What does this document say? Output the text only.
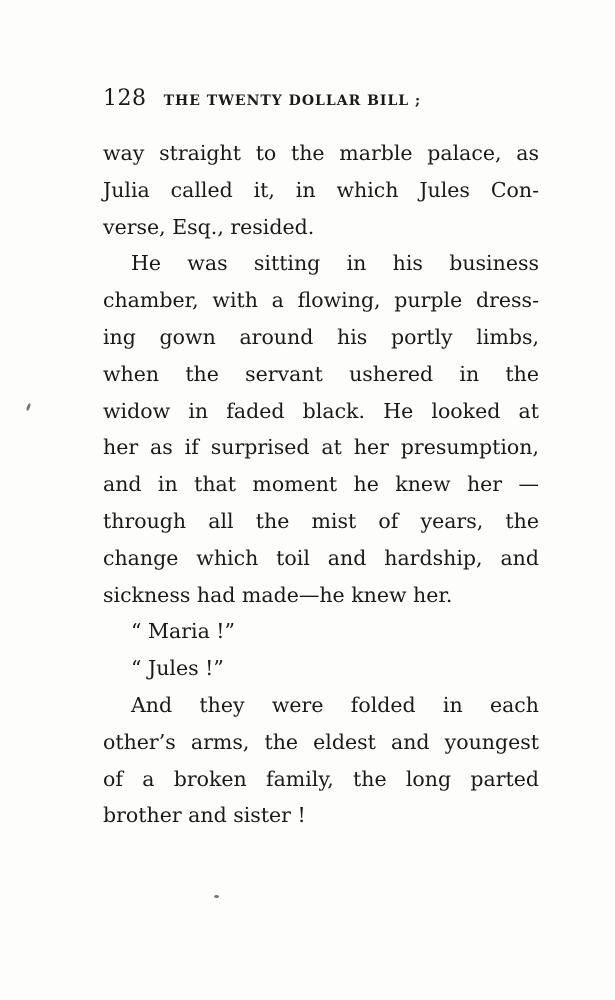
128 THE TWENTY DOLLAR BILL ;
way straight to the marble palace, as
Julia called it, in which Jules Con-
verse, Esq., resided.
He was sitting in his business
chamber, with a flowing, purple dress-
ing gown around his portly limbs,
when the servant ushered in the
widow in faded black. He looked at
her as if surprised at her presumption,
and in that moment he knew her —
through all the mist of years, the
change which toil and hardship, and
sickness had made—he knew her.
“ Maria !”
“ Jules !”
And they were folded in each
other’s arms, the eldest and youngest
of a broken family, the long parted
brother and sister !
